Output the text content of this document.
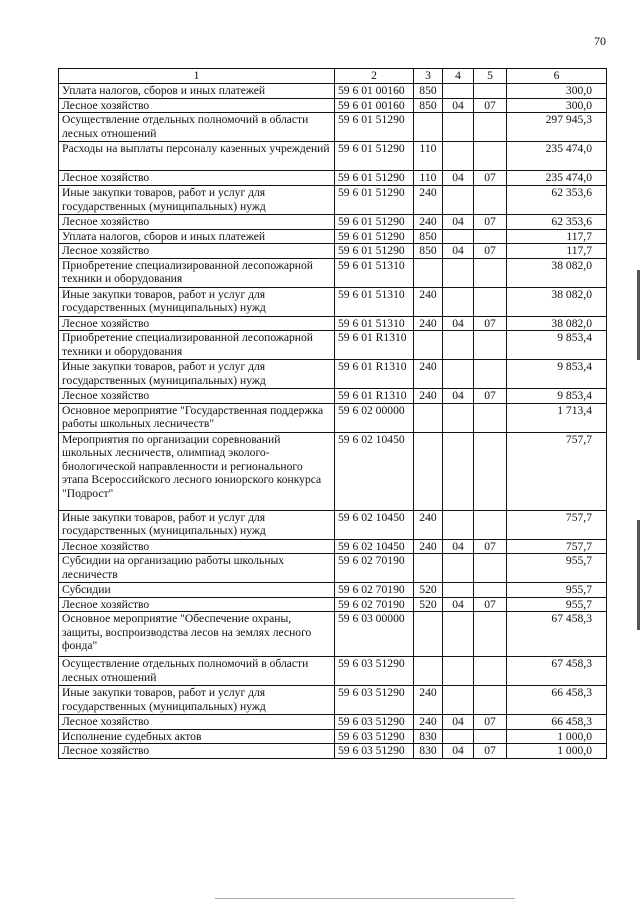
70
1	2	3	4	5	6
Уплата налогов, сборов и иных платежей	59 6 01 00160	850			300,0
Лесное хозяйство	59 6 01 00160	850	04	07	300,0
Осуществление отдельных полномочий в области лесных отношений	59 6 01 51290				297 945,3
Расходы на выплаты персоналу казенных учреждений	59 6 01 51290	110			235 474,0
Лесное хозяйство	59 6 01 51290	110	04	07	235 474,0
Иные закупки товаров, работ и услуг для государственных (муниципальных) нужд	59 6 01 51290	240			62 353,6
Лесное хозяйство	59 6 01 51290	240	04	07	62 353,6
Уплата налогов, сборов и иных платежей	59 6 01 51290	850			117,7
Лесное хозяйство	59 6 01 51290	850	04	07	117,7
Приобретение специализированной лесопожарной техники и оборудования	59 6 01 51310				38 082,0
Иные закупки товаров, работ и услуг для государственных (муниципальных) нужд	59 6 01 51310	240			38 082,0
Лесное хозяйство	59 6 01 51310	240	04	07	38 082,0
Приобретение специализированной лесопожарной техники и оборудования	59 6 01 R1310				9 853,4
Иные закупки товаров, работ и услуг для государственных (муниципальных) нужд	59 6 01 R1310	240			9 853,4
Лесное хозяйство	59 6 01 R1310	240	04	07	9 853,4
Основное мероприятие "Государственная поддержка работы школьных лесничеств"	59 6 02 00000				1 713,4
Мероприятия по организации соревнований школьных лесничеств, олимпиад эколого-биологической направленности и регионального этапа Всероссийского лесного юниорского конкурса "Подрост"	59 6 02 10450				757,7
Иные закупки товаров, работ и услуг для государственных (муниципальных) нужд	59 6 02 10450	240			757,7
Лесное хозяйство	59 6 02 10450	240	04	07	757,7
Субсидии на организацию работы школьных лесничеств	59 6 02 70190				955,7
Субсидии	59 6 02 70190	520			955,7
Лесное хозяйство	59 6 02 70190	520	04	07	955,7
Основное мероприятие "Обеспечение охраны, защиты, воспроизводства лесов на землях лесного фонда"	59 6 03 00000				67 458,3
Осуществление отдельных полномочий в области лесных отношений	59 6 03 51290				67 458,3
Иные закупки товаров, работ и услуг для государственных (муниципальных) нужд	59 6 03 51290	240			66 458,3
Лесное хозяйство	59 6 03 51290	240	04	07	66 458,3
Исполнение судебных актов	59 6 03 51290	830			1 000,0
Лесное хозяйство	59 6 03 51290	830	04	07	1 000,0
